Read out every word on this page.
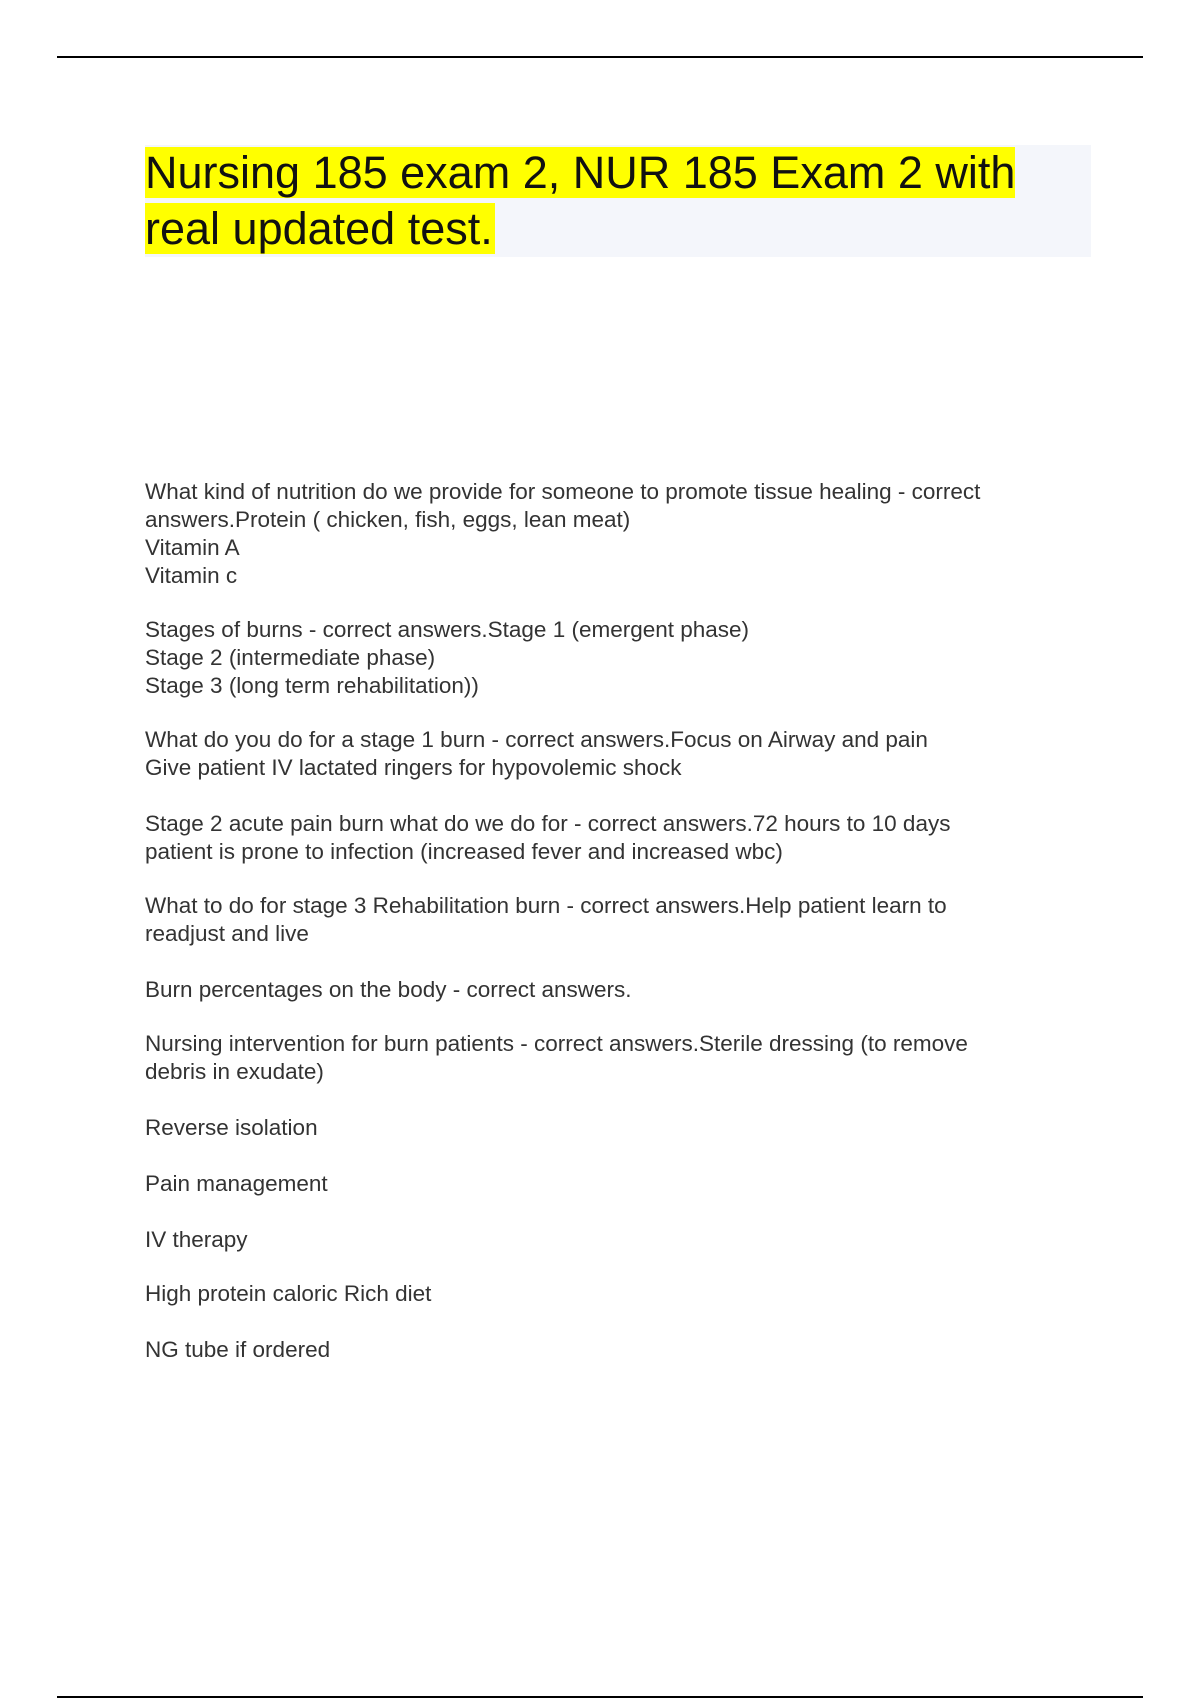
Nursing 185 exam 2, NUR 185 Exam 2 with real updated test.
What kind of nutrition do we provide for someone to promote tissue healing - correct
answers.Protein ( chicken, fish, eggs, lean meat)
Vitamin A
Vitamin c
Stages of burns - correct answers.Stage 1 (emergent phase)
Stage 2 (intermediate phase)
Stage 3 (long term rehabilitation))
What do you do for a stage 1 burn - correct answers.Focus on Airway and pain
Give patient IV lactated ringers for hypovolemic shock
Stage 2 acute pain burn what do we do for - correct answers.72 hours to 10 days
patient is prone to infection (increased fever and increased wbc)
What to do for stage 3 Rehabilitation burn - correct answers.Help patient learn to
readjust and live
Burn percentages on the body - correct answers.
Nursing intervention for burn patients - correct answers.Sterile dressing (to remove
debris in exudate)
Reverse isolation
Pain management
IV therapy
High protein caloric Rich diet
NG tube if ordered
